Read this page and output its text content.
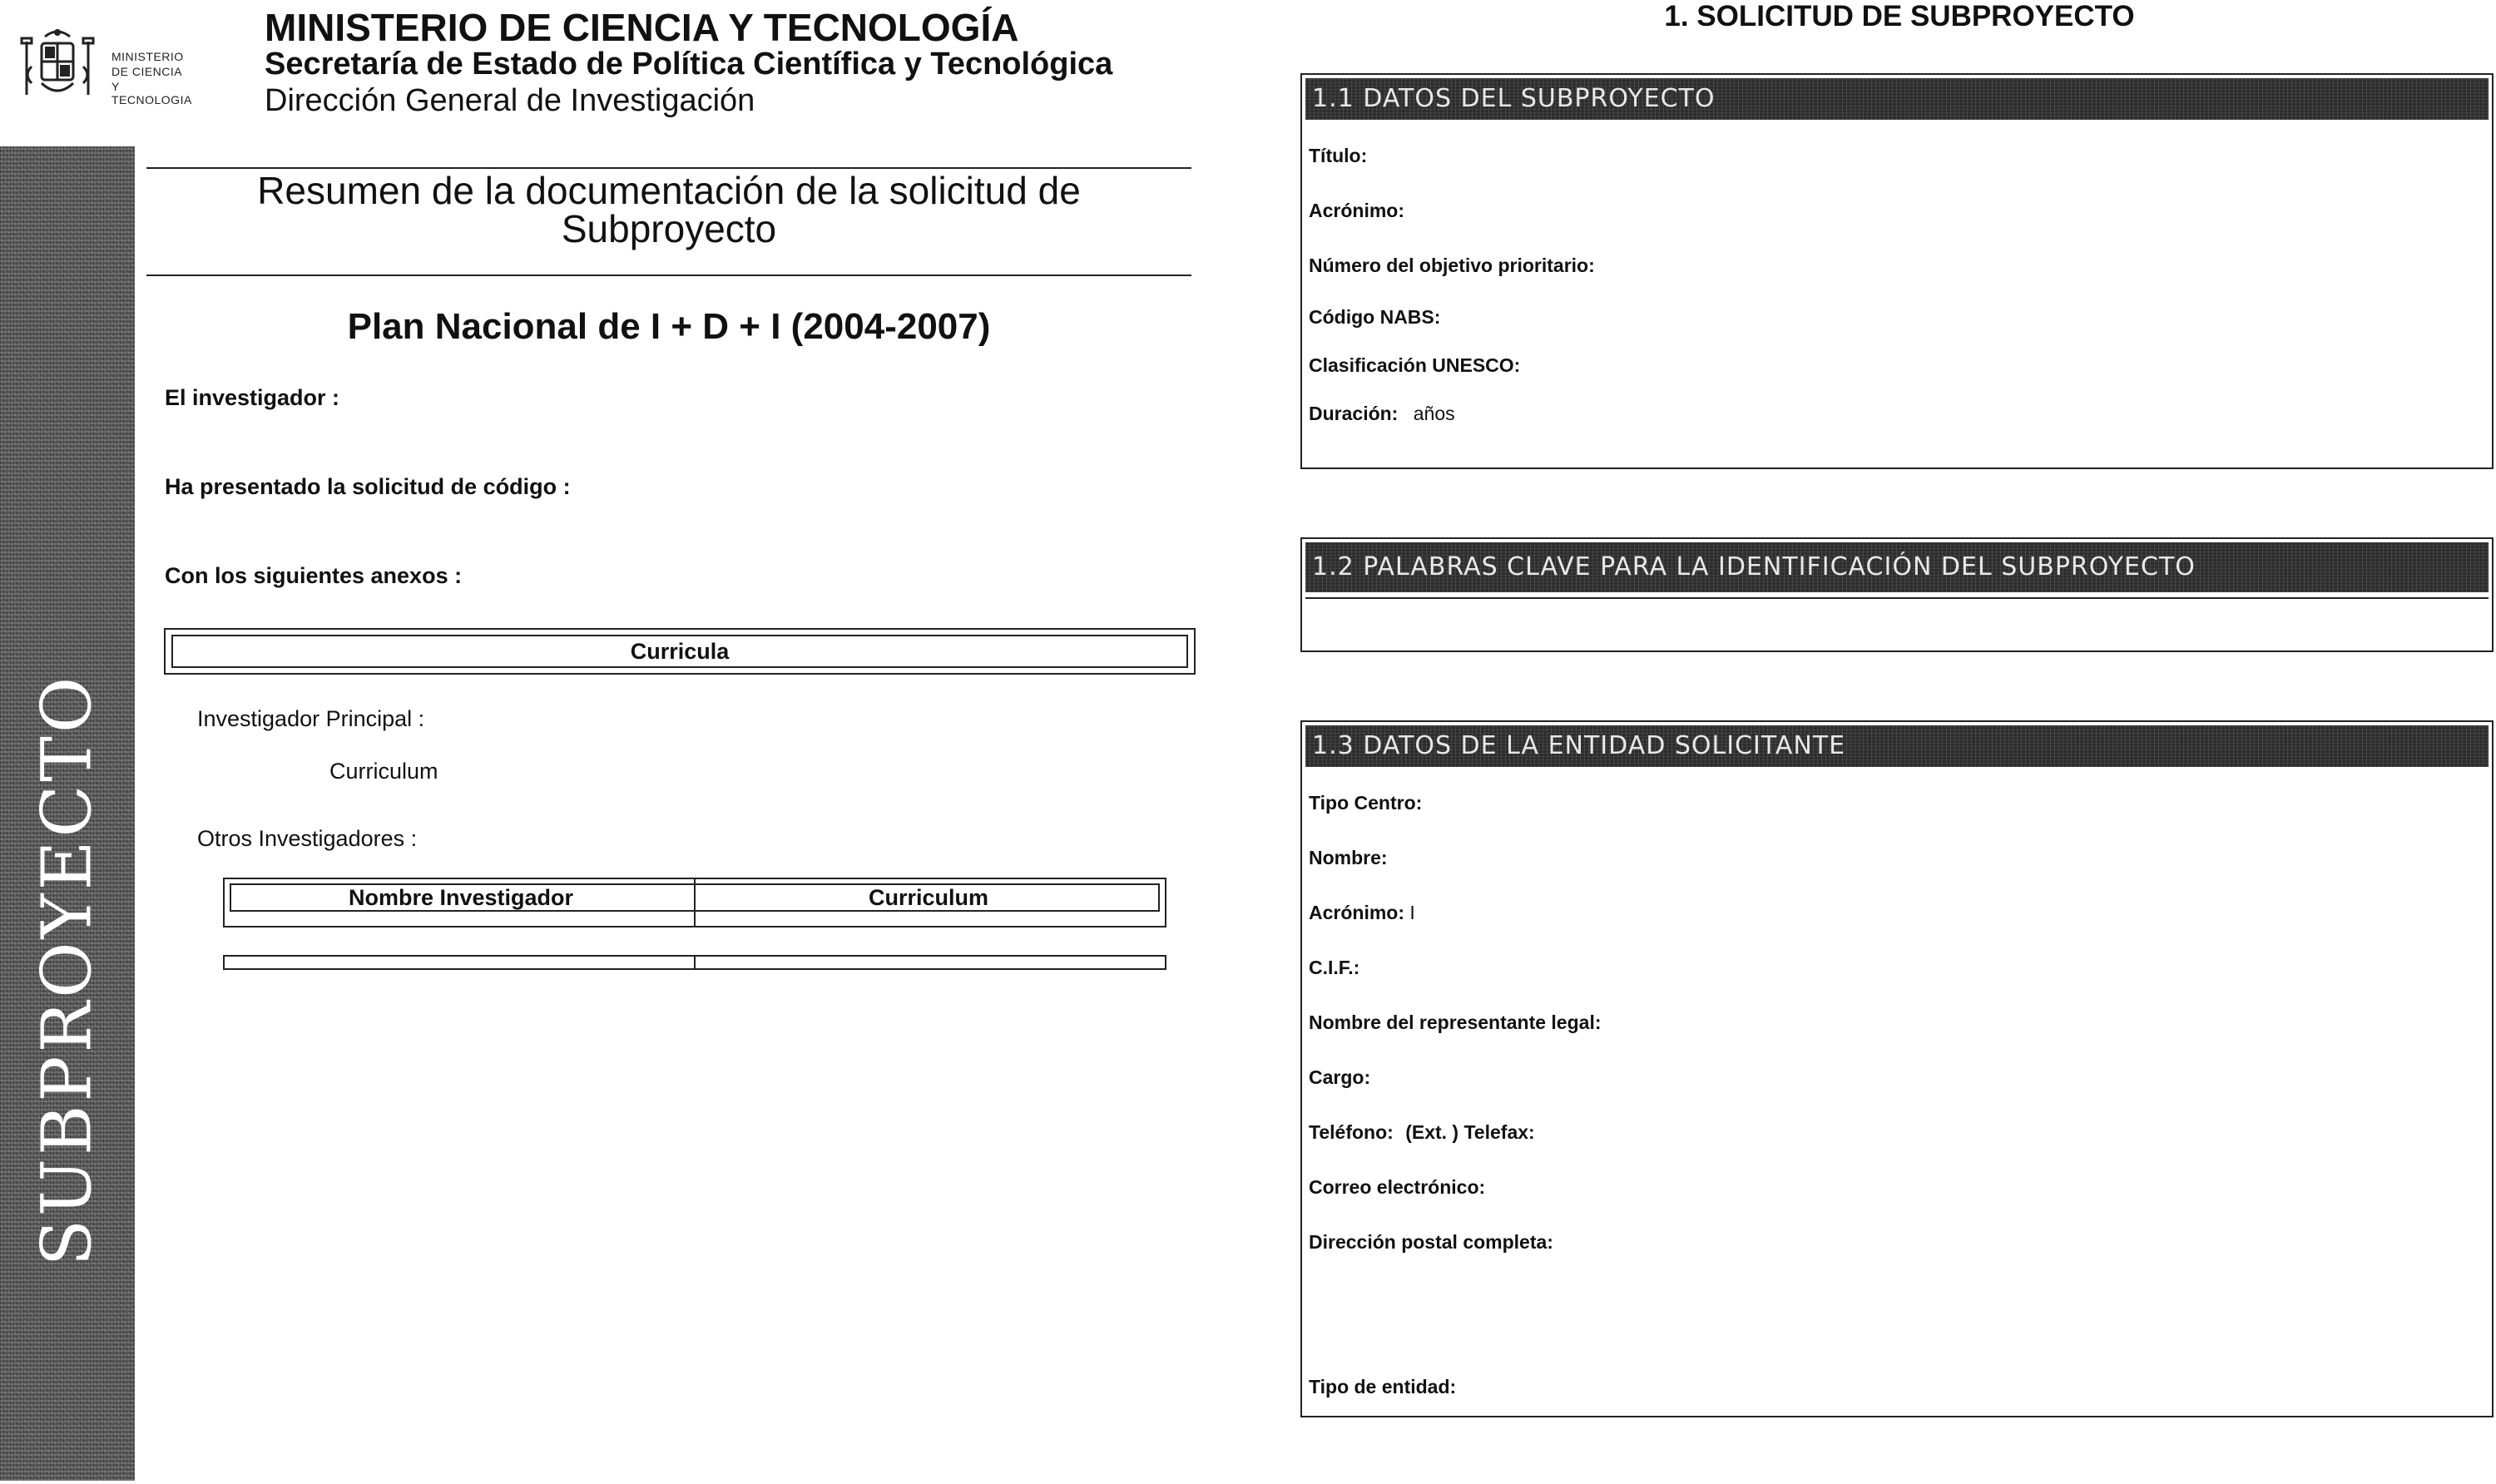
MINISTERIO
DE CIENCIA
Y TECNOLOGIA
MINISTERIO DE CIENCIA Y TECNOLOGÍA
Secretaría de Estado de Política Científica y Tecnológica
Dirección General de Investigación
SUBPROYECTO
Resumen de la documentación de la solicitud de
Subproyecto
Plan Nacional de I + D + I (2004-2007)
El investigador :
Ha presentado la solicitud de código :
Con los siguientes anexos :
Curricula
Investigador Principal :
Curriculum
Otros Investigadores :
Nombre Investigador	Curriculum
1. SOLICITUD DE SUBPROYECTO
1.1 DATOS DEL SUBPROYECTO
Título:
Acrónimo:
Número del objetivo prioritario:
Código NABS:
Clasificación UNESCO:
Duración: años
1.2 PALABRAS CLAVE PARA LA IDENTIFICACIÓN DEL SUBPROYECTO
1.3 DATOS DE LA ENTIDAD SOLICITANTE
Tipo Centro:
Nombre:
Acrónimo: I
C.I.F.:
Nombre del representante legal:
Cargo:
Teléfono: (Ext. ) Telefax:
Correo electrónico:
Dirección postal completa:
Tipo de entidad:
